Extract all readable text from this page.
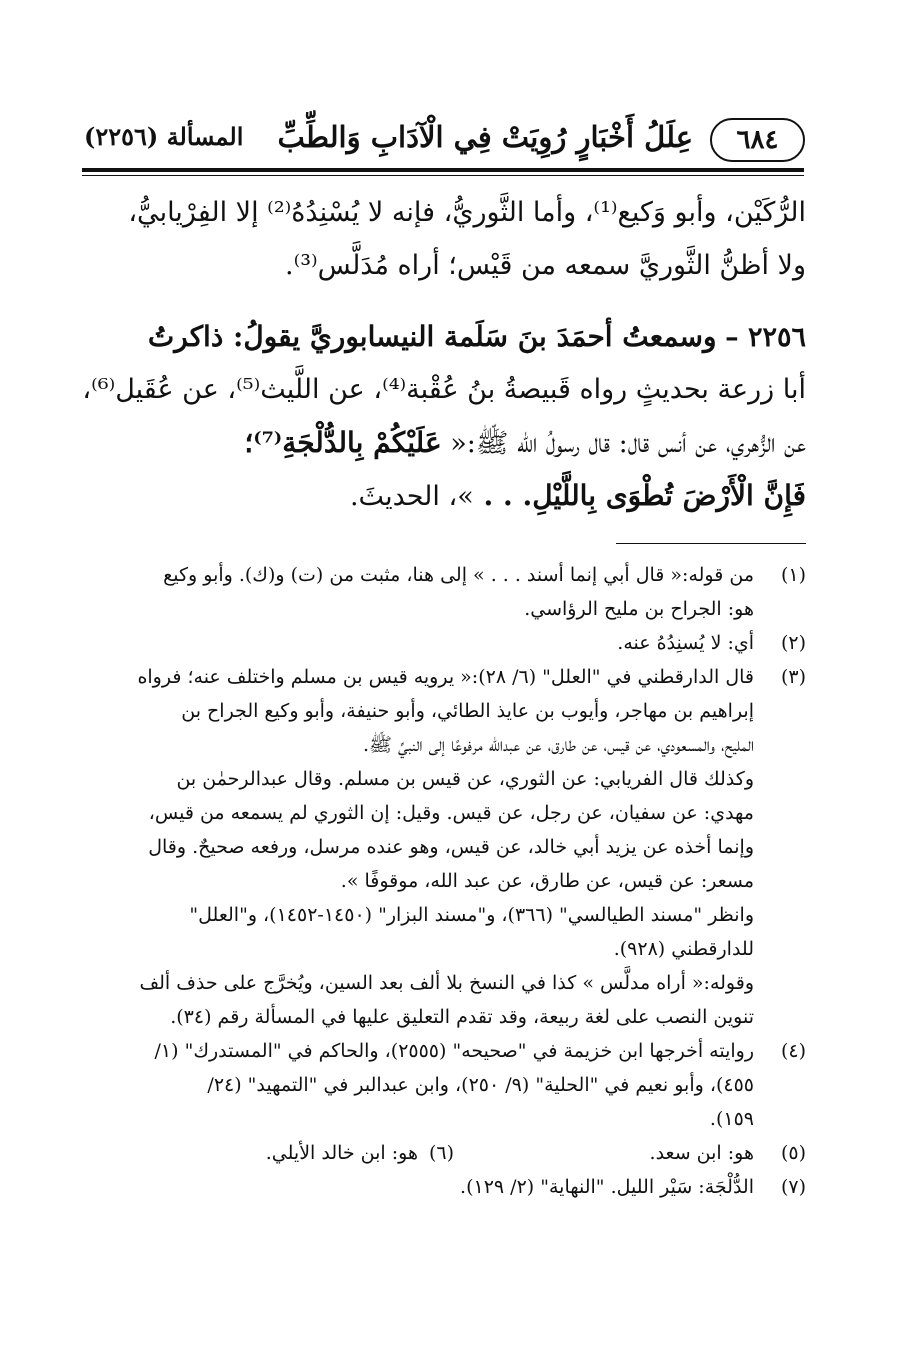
٦٨٤
عِلَلُ أَخْبَارٍ رُوِيَتْ فِي الْآدَابِ وَالطِّبِّ
المسألة (٢٢٥٦)
الرُّكَيْن، وأبو وَكيع⁽¹⁾، وأما الثَّوريُّ، فإنه لا يُسْنِدُهُ⁽²⁾ إلا الفِرْيابيُّ،
ولا أظنُّ الثَّوريَّ سمعه من قَيْس؛ أراه مُدَلَّس⁽³⁾.
٢٢٥٦ – وسمعتُ أحمَدَ بنَ سَلَمة النيسابوريَّ يقولُ: ذاكرتُ
أبا زرعة بحديثٍ رواه قَبيصةُ بنُ عُقْبة⁽⁴⁾، عن اللَّيث⁽⁵⁾، عن عُقَيل⁽⁶⁾،
عن الزُّهري، عن أنس قال: قال رسولُ الله ﷺ:« عَلَيْكُمْ بِالدُّلْجَةِ⁽⁷⁾؛
فَإِنَّ الْأَرْضَ تُطْوَى بِاللَّيْلِ. . . »، الحديثَ.
(١)
من قوله:« قال أبي إنما أسند . . . » إلى هنا، مثبت من (ت) و(ك). وأبو وكيع
هو: الجراح بن مليح الرؤاسي.
(٢)
أي: لا يُسنِدُهُ عنه.
(٣)
قال الدارقطني في "العلل" (٦/ ٢٨):« يرويه قيس بن مسلم واختلف عنه؛ فرواه
إبراهيم بن مهاجر، وأيوب بن عايذ الطائي، وأبو حنيفة، وأبو وكيع الجراح بن
المليح، والمسعودي، عن قيس، عن طارق، عن عبدالله مرفوعًا إلى النبيِّ ﷺ.
وكذلك قال الفريابي: عن الثوري، عن قيس بن مسلم. وقال عبدالرحمٰن بن
مهدي: عن سفيان، عن رجل، عن قيس. وقيل: إن الثوري لم يسمعه من قيس،
وإنما أخذه عن يزيد أبي خالد، عن قيس، وهو عنده مرسل، ورفعه صحيحٌ. وقال
مسعر: عن قيس، عن طارق، عن عبد الله، موقوفًا ».
وانظر "مسند الطيالسي" (٣٦٦)، و"مسند البزار" (١٤٥٠-١٤٥٢)، و"العلل"
للدارقطني (٩٢٨).
وقوله:« أراه مدلَّس » كذا في النسخ بلا ألف بعد السين، ويُخرَّج على حذف ألف
تنوين النصب على لغة ربيعة، وقد تقدم التعليق عليها في المسألة رقم (٣٤).
(٤)
روايته أخرجها ابن خزيمة في "صحيحه" (٢٥٥٥)، والحاكم في "المستدرك" (١/
٤٥٥)، وأبو نعيم في "الحلية" (٩/ ٢٥٠)، وابن عبدالبر في "التمهيد" (٢٤/
١٥٩).
(٥)
هو: ابن سعد.
(٦)
هو: ابن خالد الأيلي.
(٧)
الدُّلْجَة: سَيْر الليل. "النهاية" (٢/ ١٢٩).
